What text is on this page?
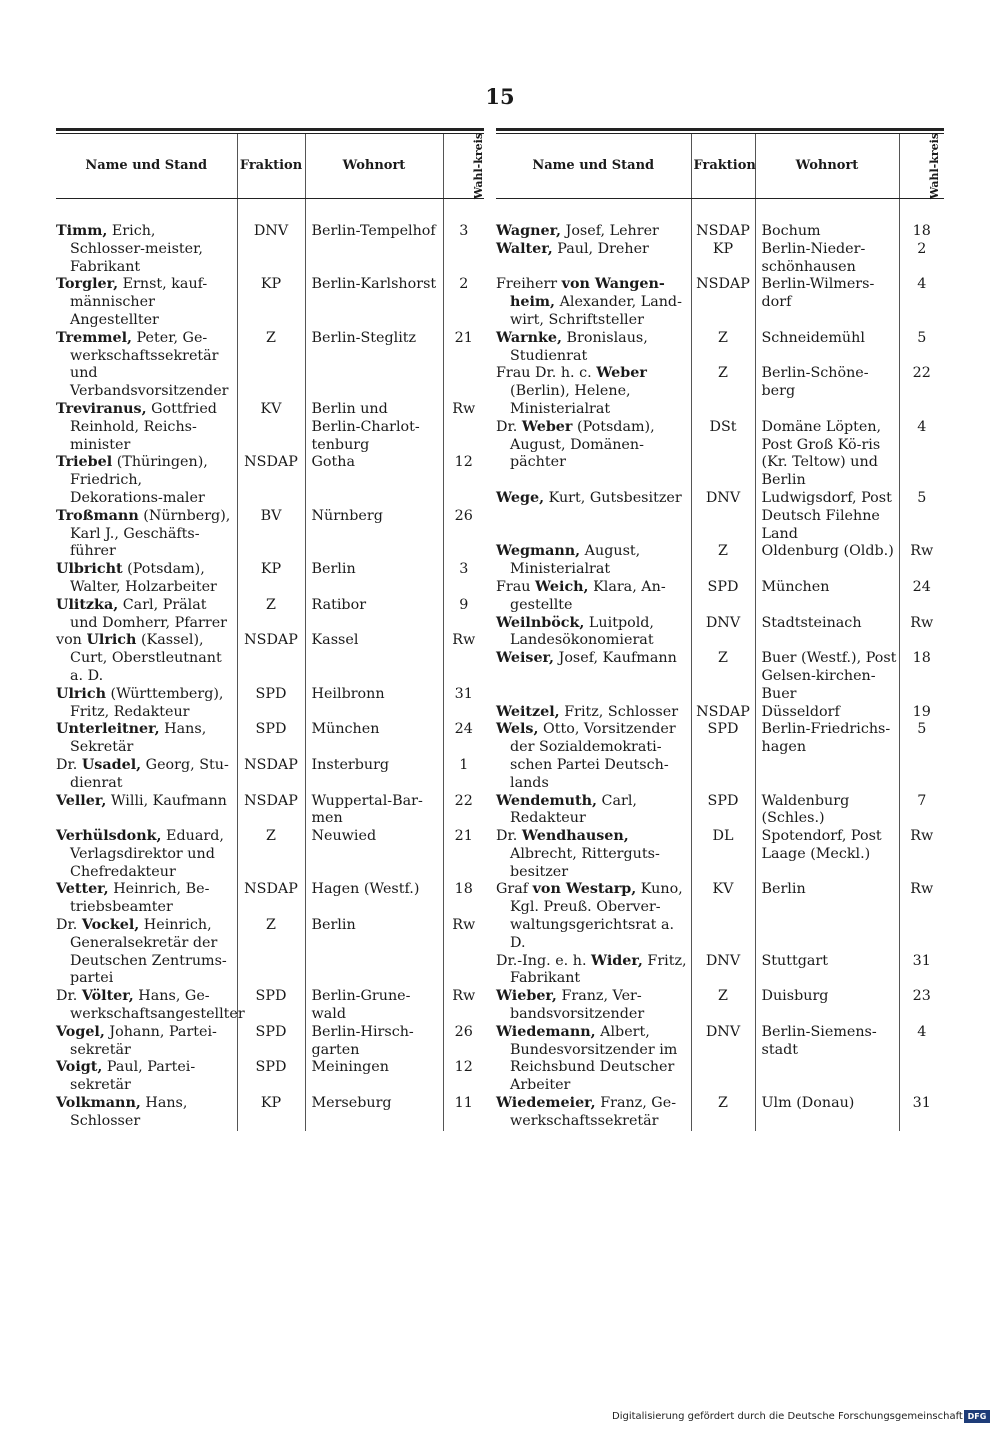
15
Name und Stand	Fraktion	Wohnort	Wahl-kreis

Timm, Erich, Schlosser-meister, Fabrikant	DNV	Berlin-Tempelhof	3

Torgler, Ernst, kauf-männischer Angestellter	KP	Berlin-Karlshorst	2

Tremmel, Peter, Ge-werkschaftssekretär und Verbandsvorsitzender	Z	Berlin-Steglitz	21

Treviranus, Gottfried Reinhold, Reichs-minister	KV	Berlin und Berlin-Charlot-tenburg	Rw

Triebel (Thüringen), Friedrich, Dekorations-maler	NSDAP	Gotha	12

Troßmann (Nürnberg), Karl J., Geschäfts-führer	BV	Nürnberg	26

Ulbricht (Potsdam), Walter, Holzarbeiter	KP	Berlin	3

Ulitzka, Carl, Prälat und Domherr, Pfarrer	Z	Ratibor	9

von Ulrich (Kassel), Curt, Oberstleutnant a. D.	NSDAP	Kassel	Rw

Ulrich (Württemberg), Fritz, Redakteur	SPD	Heilbronn	31

Unterleitner, Hans, Sekretär	SPD	München	24

Dr. Usadel, Georg, Stu-dienrat	NSDAP	Insterburg	1

Veller, Willi, Kaufmann	NSDAP	Wuppertal-Bar-men	22

Verhülsdonk, Eduard, Verlagsdirektor und Chefredakteur	Z	Neuwied	21

Vetter, Heinrich, Be-triebsbeamter	NSDAP	Hagen (Westf.)	18

Dr. Vockel, Heinrich, Generalsekretär der Deutschen Zentrums-partei	Z	Berlin	Rw

Dr. Völter, Hans, Ge-werkschaftsangestellter	SPD	Berlin-Grune-wald	Rw

Vogel, Johann, Partei-sekretär	SPD	Berlin-Hirsch-garten	26

Voigt, Paul, Partei-sekretär	SPD	Meiningen	12

Volkmann, Hans, Schlosser	KP	Merseburg	11
Name und Stand	Fraktion	Wohnort	Wahl-kreis

Wagner, Josef, Lehrer	NSDAP	Bochum	18

Walter, Paul, Dreher	KP	Berlin-Nieder-schönhausen	2

Freiherr von Wangen-heim, Alexander, Land-wirt, Schriftsteller	NSDAP	Berlin-Wilmers-dorf	4

Warnke, Bronislaus, Studienrat	Z	Schneidemühl	5

Frau Dr. h. c. Weber (Berlin), Helene, Ministerialrat	Z	Berlin-Schöne-berg	22

Dr. Weber (Potsdam), August, Domänen-pächter	DSt	Domäne Löpten, Post Groß Kö-ris (Kr. Teltow) und Berlin	4

Wege, Kurt, Gutsbesitzer	DNV	Ludwigsdorf, Post Deutsch Filehne Land	5

Wegmann, August, Ministerialrat	Z	Oldenburg (Oldb.)	Rw

Frau Weich, Klara, An-gestellte	SPD	München	24

Weilnböck, Luitpold, Landesökonomierat	DNV	Stadtsteinach	Rw

Weiser, Josef, Kaufmann	Z	Buer (Westf.), Post Gelsen-kirchen-Buer	18

Weitzel, Fritz, Schlosser	NSDAP	Düsseldorf	19

Wels, Otto, Vorsitzender der Sozialdemokrati-schen Partei Deutsch-lands	SPD	Berlin-Friedrichs-hagen	5

Wendemuth, Carl, Redakteur	SPD	Waldenburg (Schles.)	7

Dr. Wendhausen, Albrecht, Ritterguts-besitzer	DL	Spotendorf, Post Laage (Meckl.)	Rw

Graf von Westarp, Kuno, Kgl. Preuß. Oberver-waltungsgerichtsrat a. D.	KV	Berlin	Rw

Dr.-Ing. e. h. Wider, Fritz, Fabrikant	DNV	Stuttgart	31

Wieber, Franz, Ver-bandsvorsitzender	Z	Duisburg	23

Wiedemann, Albert, Bundesvorsitzender im Reichsbund Deutscher Arbeiter	DNV	Berlin-Siemens-stadt	4

Wiedemeier, Franz, Ge-werkschaftssekretär	Z	Ulm (Donau)	31
Digitalisierung gefördert durch die Deutsche Forschungsgemeinschaft DFG
